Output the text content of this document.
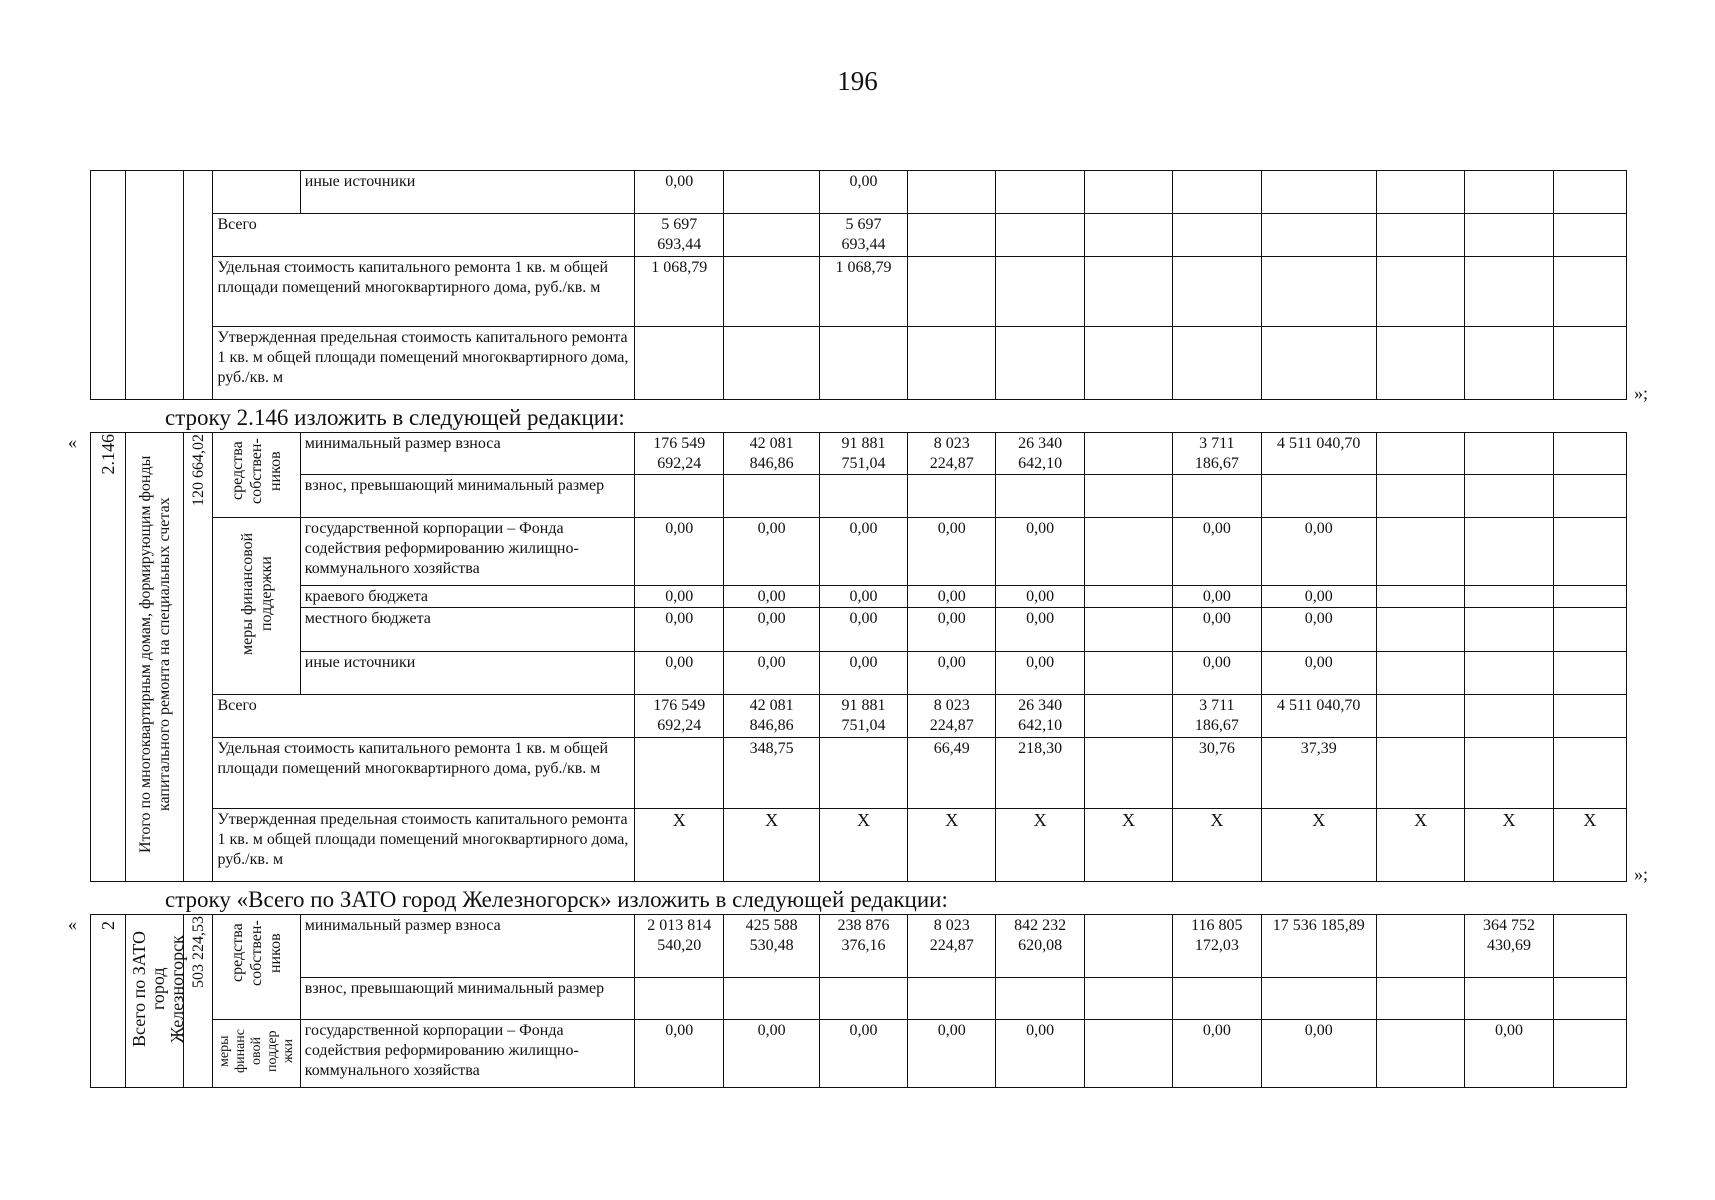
196
				иные источники	0,00		0,00								
			Всего		5 697 693,44		5 697 693,44								
			Удельная стоимость капитального ремонта 1 кв. м общей площади помещений многоквартирного дома, руб./кв. м		1 068,79		1 068,79								
			Утвержденная предельная стоимость капитального ремонта 1 кв. м общей площади помещений многоквартирного дома, руб./кв. м												
»;
строку 2.146 изложить в следующей редакции:
« 2.146	Итого по многоквартирным домам, формирующим фонды капитального ремонта на специальных счетах	120 664,02	средства собствен-ников	минимальный размер взноса	176 549 692,24	42 081 846,86	91 881 751,04	8 023 224,87	26 340 642,10		3 711 186,67	4 511 040,70			
				взнос, превышающий минимальный размер											
			меры финансовой поддержки	государственной корпорации – Фонда содействия реформированию жилищно-коммунального хозяйства	0,00	0,00	0,00	0,00	0,00		0,00	0,00			
				краевого бюджета	0,00	0,00	0,00	0,00	0,00		0,00	0,00			
				местного бюджета	0,00	0,00	0,00	0,00	0,00		0,00	0,00			
				иные источники	0,00	0,00	0,00	0,00	0,00		0,00	0,00			
			Всего		176 549 692,24	42 081 846,86	91 881 751,04	8 023 224,87	26 340 642,10		3 711 186,67	4 511 040,70			
			Удельная стоимость капитального ремонта 1 кв. м общей площади помещений многоквартирного дома, руб./кв. м			348,75		66,49	218,30		30,76	37,39			
			Утвержденная предельная стоимость капитального ремонта 1 кв. м общей площади помещений многоквартирного дома, руб./кв. м		X	X	X	X	X	X	X	X	X	X	X
»;
строку «Всего по ЗАТО город Железногорск» изложить в следующей редакции:
« 2	Всего по ЗАТО город Железногорск	503 224,53	средства собствен-ников	минимальный размер взноса	2 013 814 540,20	425 588 530,48	238 876 376,16	8 023 224,87	842 232 620,08		116 805 172,03	17 536 185,89		364 752 430,69	
				взнос, превышающий минимальный размер											
			меры финанс овой поддер жки	государственной корпорации – Фонда содействия реформированию жилищно-коммунального хозяйства	0,00	0,00	0,00	0,00	0,00		0,00	0,00		0,00	
